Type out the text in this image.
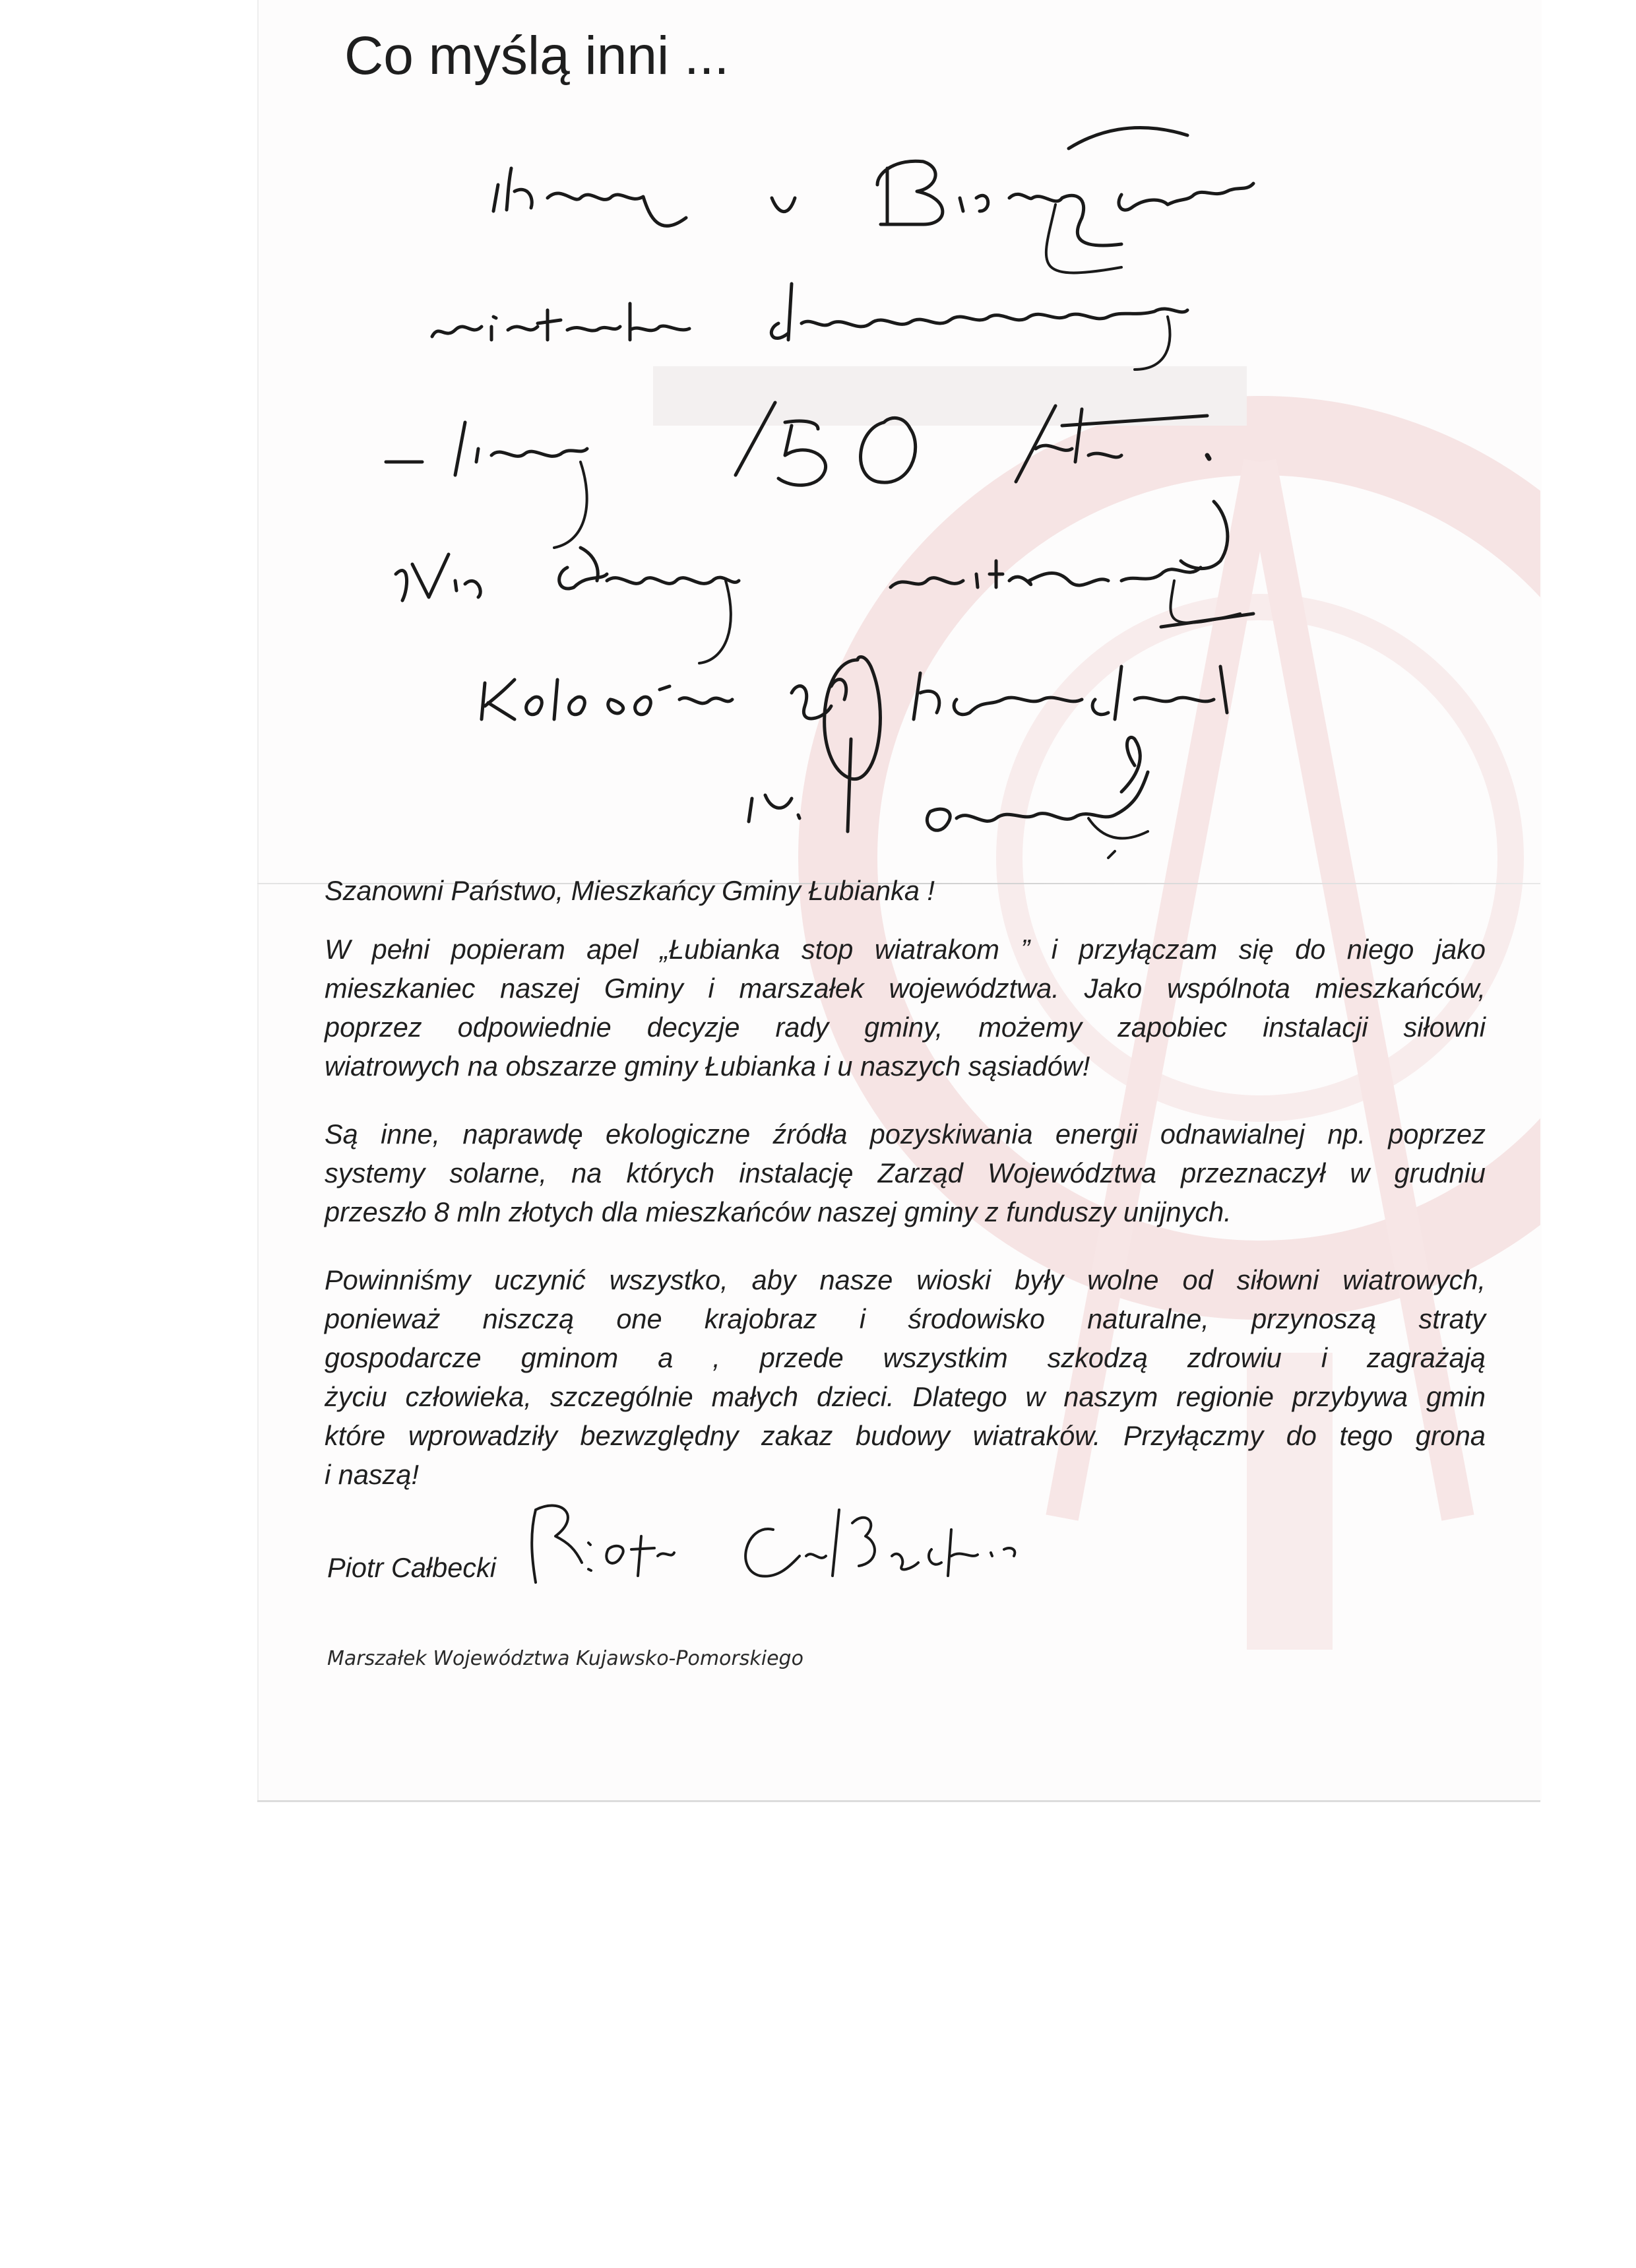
Co myślą inni ...

Szanowni Państwo, Mieszkańcy Gminy Łubianka !

W pełni popieram apel „Łubianka stop wiatrakom ” i przyłączam się do niego jako
mieszkaniec naszej Gminy i marszałek województwa. Jako wspólnota mieszkańców,
poprzez odpowiednie decyzje rady gminy, możemy zapobiec instalacji siłowni
wiatrowych na obszarze gminy Łubianka i u naszych sąsiadów!

Są inne, naprawdę ekologiczne źródła pozyskiwania energii odnawialnej np. poprzez
systemy solarne, na których instalację Zarząd Województwa przeznaczył w grudniu
przeszło 8 mln złotych dla mieszkańców naszej gminy z funduszy unijnych.

Powinniśmy uczynić wszystko, aby nasze wioski były wolne od siłowni wiatrowych,
ponieważ niszczą one krajobraz i środowisko naturalne, przynoszą straty
gospodarcze gminom a , przede wszystkim szkodzą zdrowiu i zagrażają
życiu człowieka, szczególnie małych dzieci. Dlatego w naszym regionie przybywa gmin
które wprowadziły bezwzględny zakaz budowy wiatraków. Przyłączmy do tego grona
i naszą!

Piotr Całbecki
Marszałek Województwa Kujawsko-Pomorskiego
